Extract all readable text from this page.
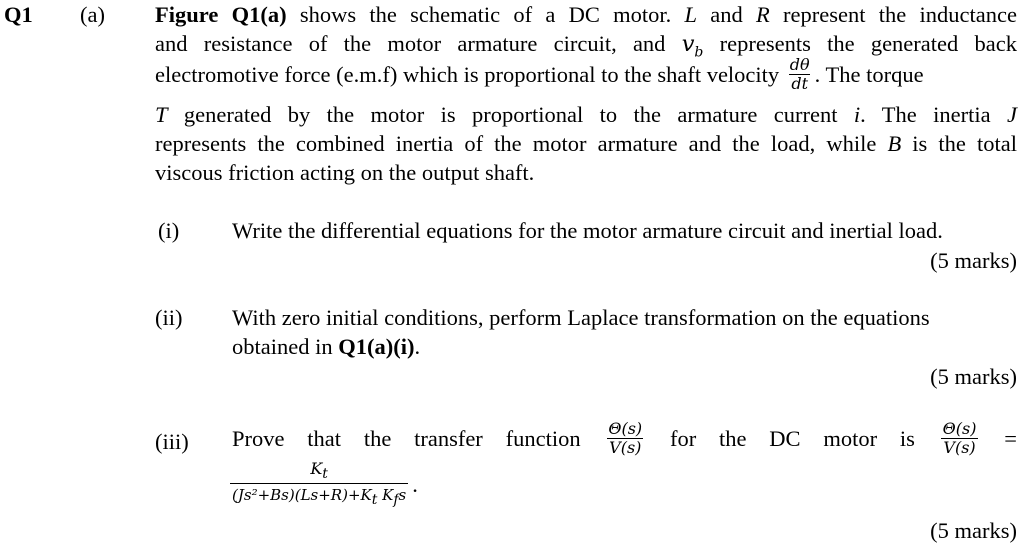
Q1 (a) Figure Q1(a) shows the schematic of a DC motor. L and R represent the inductance
and resistance of the motor armature circuit, and $v_b$ represents the generated back
electromotive force (e.m.f) which is proportional to the shaft velocity $\frac{d\theta}{dt}$ . The torque
T generated by the motor is proportional to the armature current i. The inertia J
represents the combined inertia of the motor armature and the load, while B is the total
viscous friction acting on the output shaft.
(i) Write the differential equations for the motor armature circuit and inertial load.
(5 marks)
(ii) With zero initial conditions, perform Laplace transformation on the equations
obtained in Q1(a)(i).
(5 marks)
(iii) Prove that the transfer function $\frac{\Theta(s)}{V(s)}$ for the DC motor is $\frac{\Theta(s)}{V(s)}$ =
$\frac{K_t}{(Js^2+Bs)(Ls+R)+K_t K_fs}$ .
(5 marks)
